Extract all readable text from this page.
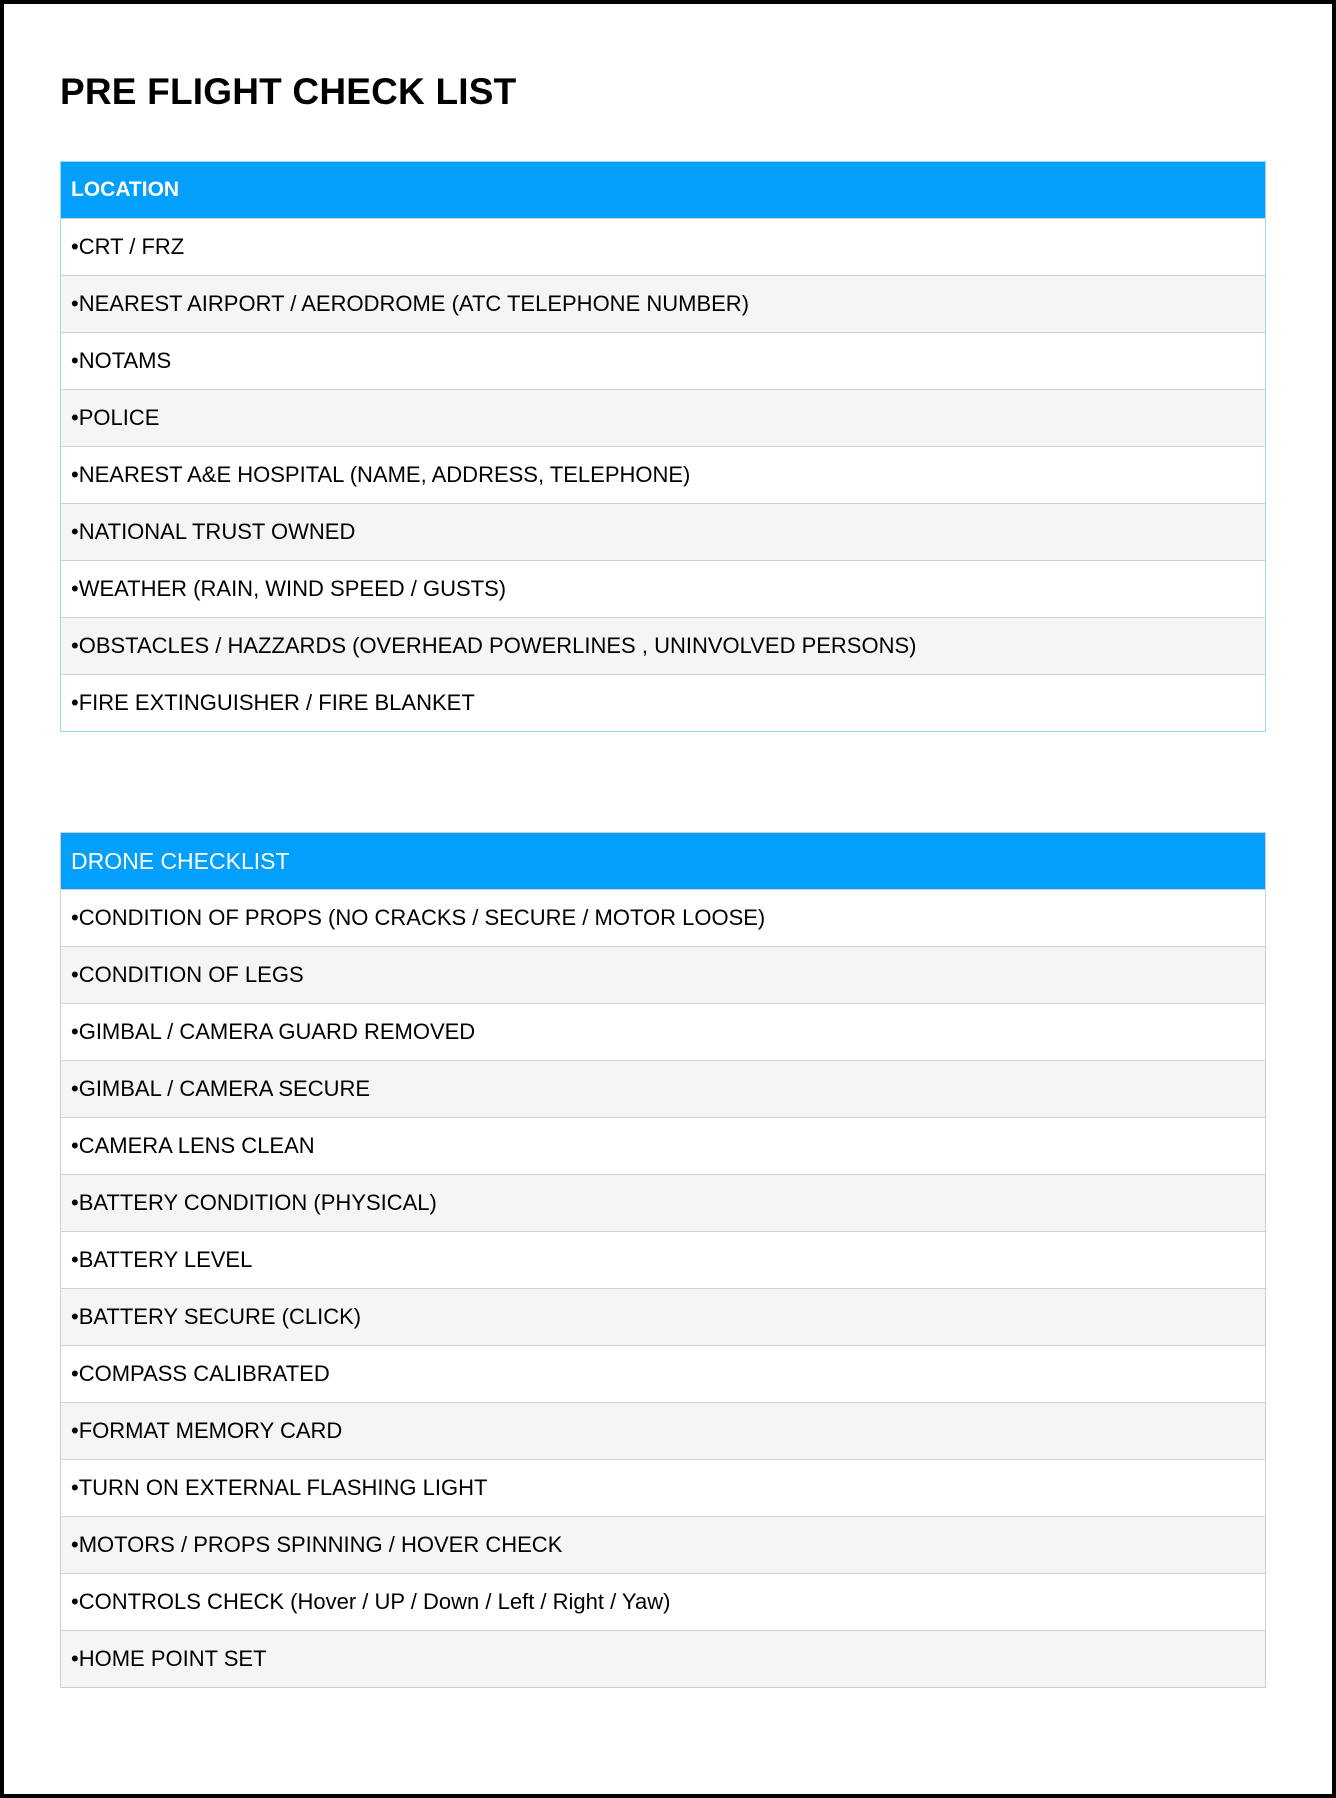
PRE FLIGHT CHECK LIST
LOCATION
•CRT / FRZ
•NEAREST AIRPORT / AERODROME (ATC TELEPHONE NUMBER)
•NOTAMS
•POLICE
•NEAREST A&E HOSPITAL (NAME, ADDRESS, TELEPHONE)
•NATIONAL TRUST OWNED
•WEATHER (RAIN, WIND SPEED / GUSTS)
•OBSTACLES / HAZZARDS (OVERHEAD POWERLINES , UNINVOLVED PERSONS)
•FIRE EXTINGUISHER / FIRE BLANKET
DRONE CHECKLIST
•CONDITION OF PROPS (NO CRACKS / SECURE / MOTOR LOOSE)
•CONDITION OF LEGS
•GIMBAL / CAMERA GUARD REMOVED
•GIMBAL / CAMERA SECURE
•CAMERA LENS CLEAN
•BATTERY CONDITION (PHYSICAL)
•BATTERY LEVEL
•BATTERY SECURE (CLICK)
•COMPASS CALIBRATED
•FORMAT MEMORY CARD
•TURN ON EXTERNAL FLASHING LIGHT
•MOTORS / PROPS SPINNING / HOVER CHECK
•CONTROLS CHECK (Hover / UP / Down / Left / Right / Yaw)
•HOME POINT SET
